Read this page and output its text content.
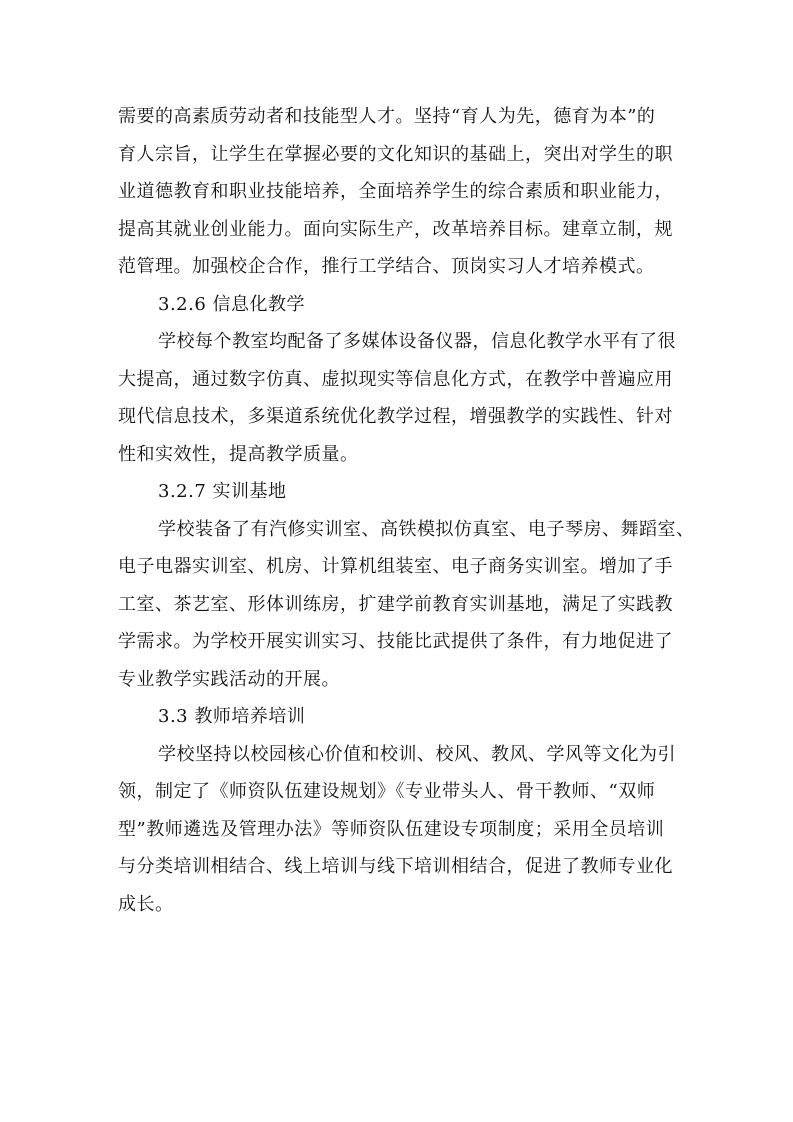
需要的高素质劳动者和技能型人才。坚持“育人为先，德育为本”的
育人宗旨，让学生在掌握必要的文化知识的基础上，突出对学生的职
业道德教育和职业技能培养，全面培养学生的综合素质和职业能力，
提高其就业创业能力。面向实际生产，改革培养目标。建章立制，规
范管理。加强校企合作，推行工学结合、顶岗实习人才培养模式。
3.2.6 信息化教学
学校每个教室均配备了多媒体设备仪器，信息化教学水平有了很
大提高，通过数字仿真、虚拟现实等信息化方式，在教学中普遍应用
现代信息技术，多渠道系统优化教学过程，增强教学的实践性、针对
性和实效性，提高教学质量。
3.2.7 实训基地
学校装备了有汽修实训室、高铁模拟仿真室、电子琴房、舞蹈室、
电子电器实训室、机房、计算机组装室、电子商务实训室。增加了手
工室、茶艺室、形体训练房，扩建学前教育实训基地，满足了实践教
学需求。为学校开展实训实习、技能比武提供了条件，有力地促进了
专业教学实践活动的开展。
3.3 教师培养培训
学校坚持以校园核心价值和校训、校风、教风、学风等文化为引
领，制定了《师资队伍建设规划》《专业带头人、骨干教师、“双师
型”教师遴选及管理办法》等师资队伍建设专项制度；采用全员培训
与分类培训相结合、线上培训与线下培训相结合，促进了教师专业化
成长。
